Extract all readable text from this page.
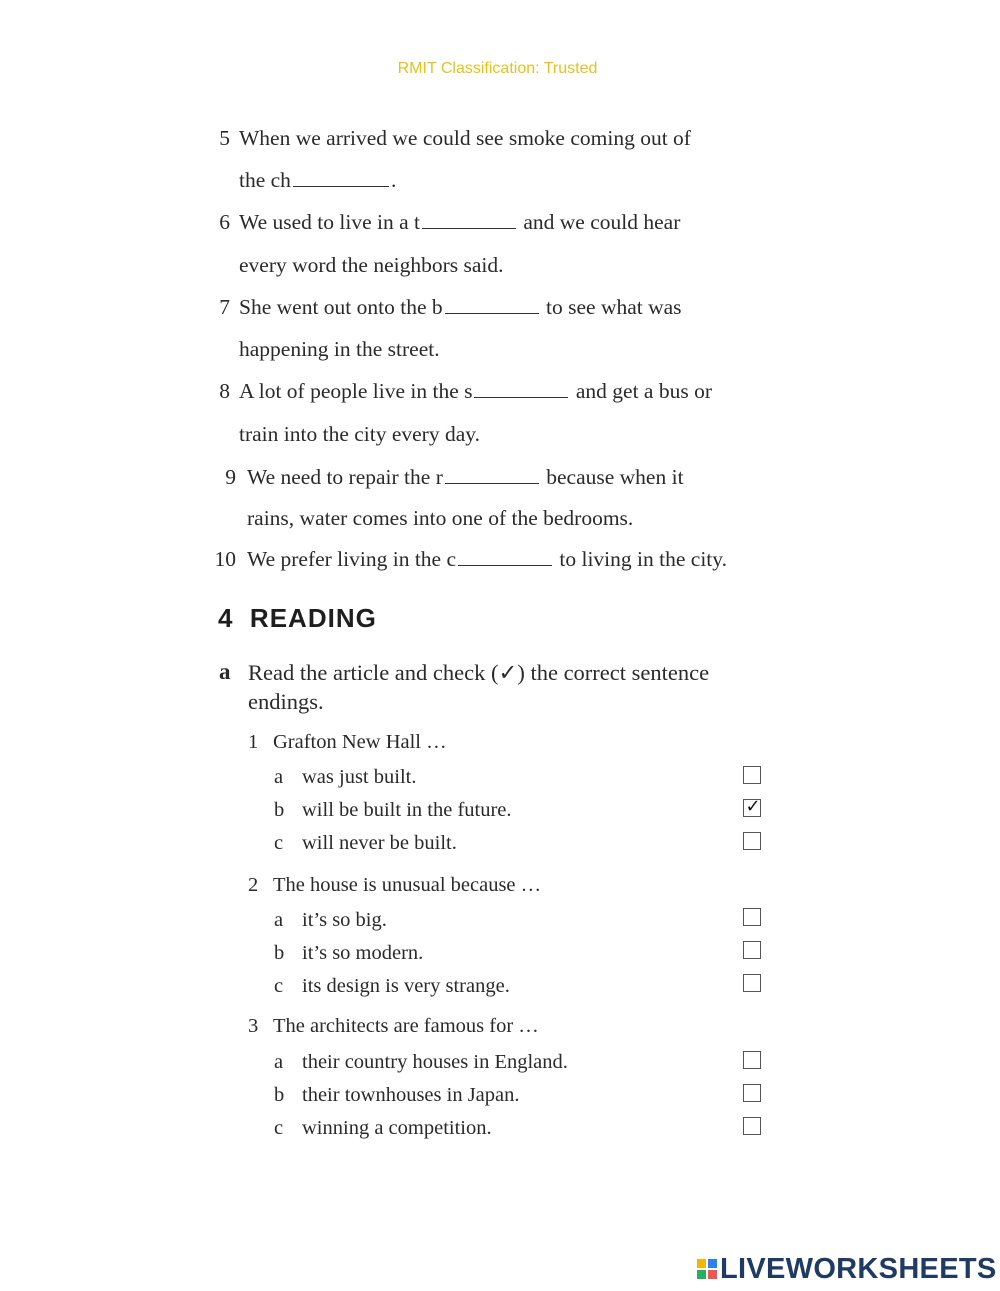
RMIT Classification: Trusted
5 When we arrived we could see smoke coming out of
the ch	.
6 We used to live in a t	and we could hear
every word the neighbors said.
7 She went out onto the b	to see what was
happening in the street.
8 A lot of people live in the s	and get a bus or
train into the city every day.
9 We need to repair the r	because when it
rains, water comes into one of the bedrooms.
10 We prefer living in the c	to living in the city.
4 READING
a Read the article and check (✓) the correct sentence
endings.
1 Grafton New Hall …
a was just built.
b will be built in the future.	✓
c will never be built.
2 The house is unusual because …
a it’s so big.
b it’s so modern.
c its design is very strange.
3 The architects are famous for …
a their country houses in England.
b their townhouses in Japan.
c winning a competition.
LIVEWORKSHEETS
